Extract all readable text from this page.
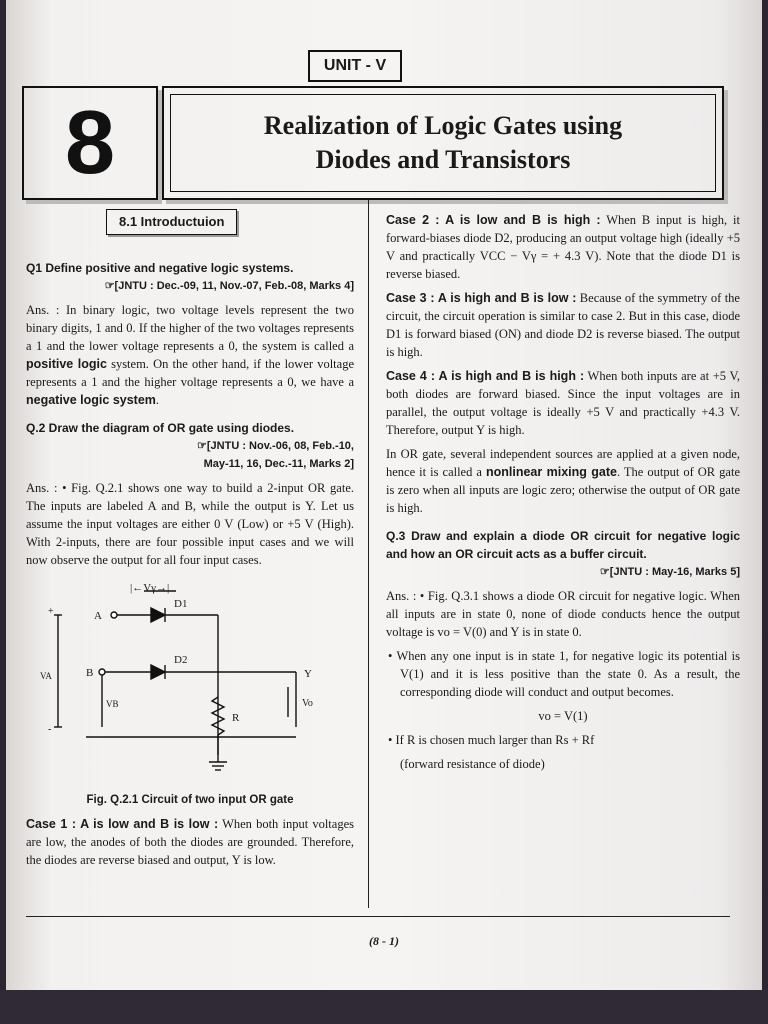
UNIT - V
8	Realization of Logic Gates using
Diodes and Transistors
8.1 Introductuion
Q1 Define positive and negative logic systems.
☞[JNTU : Dec.-09, 11, Nov.-07, Feb.-08, Marks 4]

Ans. : In binary logic, two voltage levels represent the two binary digits, 1 and 0. If the higher of the two voltages represents a 1 and the lower voltage represents a 0, the system is called a positive logic system. On the other hand, if the lower voltage represents a 1 and the higher voltage represents a 0, we have a negative logic system.

Q.2 Draw the diagram of OR gate using diodes.
☞[JNTU : Nov.-06, 08, Feb.-10,
May-11, 16, Dec.-11, Marks 2]

Ans. : • Fig. Q.2.1 shows one way to build a 2-input OR gate. The inputs are labeled A and B, while the output is Y. Let us assume the input voltages are either 0 V (Low) or +5 V (High). With 2-inputs, there are four possible input cases and we will now observe the output for all four input cases.

|←Vγ→|
D1
D2
A
B
VA
VB
R
Y
Vo
+
-
Fig. Q.2.1 Circuit of two input OR gate

Case 1 : A is low and B is low : When both input voltages are low, the anodes of both the diodes are grounded. Therefore, the diodes are reverse biased and output, Y is low.

Case 2 : A is low and B is high : When B input is high, it forward-biases diode D2, producing an output voltage high (ideally +5 V and practically VCC − Vγ = + 4.3 V). Note that the diode D1 is reverse biased.

Case 3 : A is high and B is low : Because of the symmetry of the circuit, the circuit operation is similar to case 2. But in this case, diode D1 is forward biased (ON) and diode D2 is reverse biased. The output is high.

Case 4 : A is high and B is high : When both inputs are at +5 V, both diodes are forward biased. Since the input voltages are in parallel, the output voltage is ideally +5 V and practically +4.3 V. Therefore, output Y is high.

In OR gate, several independent sources are applied at a given node, hence it is called a nonlinear mixing gate. The output of OR gate is zero when all inputs are logic zero; otherwise the output of OR gate is high.

Q.3 Draw and explain a diode OR circuit for negative logic and how an OR circuit acts as a buffer circuit.
☞[JNTU : May-16, Marks 5]

Ans. : • Fig. Q.3.1 shows a diode OR circuit for negative logic. When all inputs are in state 0, none of diode conducts hence the output voltage is vo = V(0) and Y is in state 0.

• When any one input is in state 1, for negative logic its potential is V(1) and it is less positive than the state 0. As a result, the corresponding diode will conduct and output becomes.

vo = V(1)

• If R is chosen much larger than Rs + Rf

(forward resistance of diode)
(8 - 1)
